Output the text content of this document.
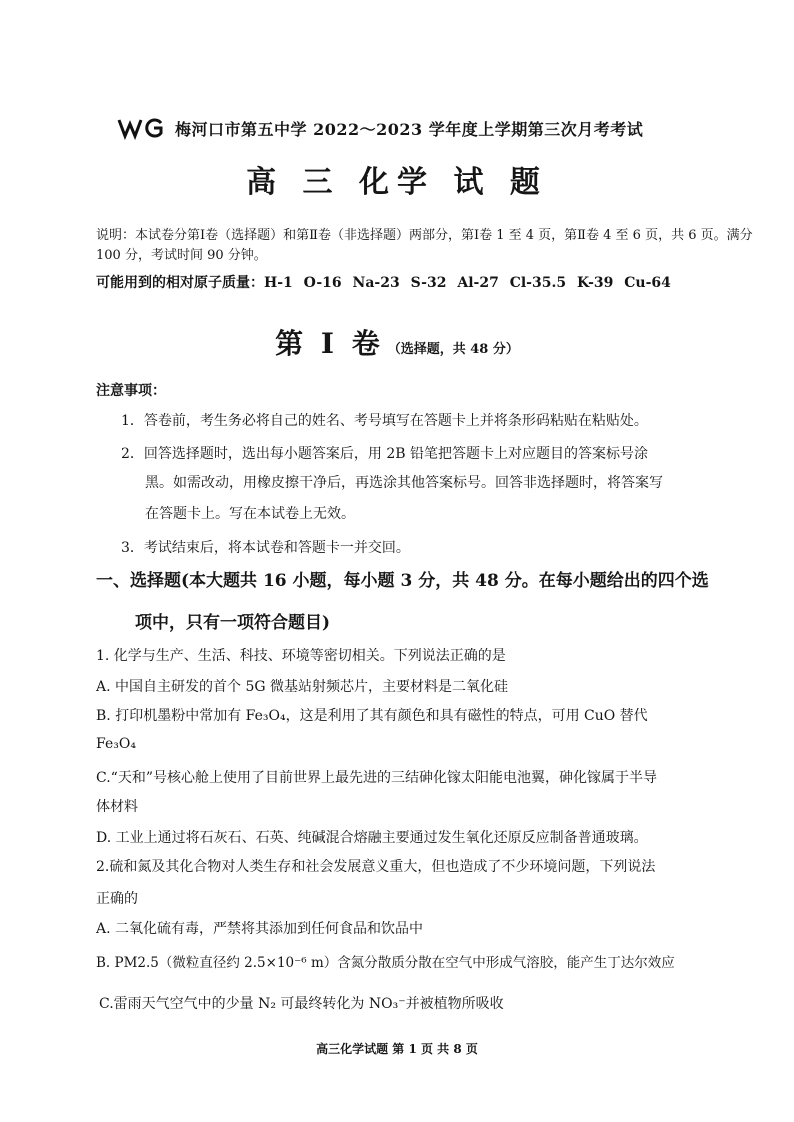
梅河口市第五中学 2022～2023 学年度上学期第三次月考考试
高 三 化学 试 题
说明：本试卷分第Ⅰ卷（选择题）和第Ⅱ卷（非选择题）两部分，第Ⅰ卷 1 至 4 页，第Ⅱ卷 4 至 6 页，共 6 页。满分 100 分，考试时间 90 分钟。
可能用到的相对原子质量：H-1 O-16 Na-23 S-32 Al-27 Cl-35.5 K-39 Cu-64
第 Ⅰ 卷 （选择题，共 48 分）
注意事项：
1．答卷前，考生务必将自己的姓名、考号填写在答题卡上并将条形码粘贴在粘贴处。
2．回答选择题时，选出每小题答案后，用 2B 铅笔把答题卡上对应题目的答案标号涂
黑。如需改动，用橡皮擦干净后，再选涂其他答案标号。回答非选择题时，将答案写
在答题卡上。写在本试卷上无效。
3．考试结束后，将本试卷和答题卡一并交回。
一、选择题(本大题共 16 小题，每小题 3 分，共 48 分。在每小题给出的四个选
项中，只有一项符合题目)
1. 化学与生产、生活、科技、环境等密切相关。下列说法正确的是
A. 中国自主研发的首个 5G 微基站射频芯片，主要材料是二氧化硅
B. 打印机墨粉中常加有 Fe₃O₄，这是利用了其有颜色和具有磁性的特点，可用 CuO 替代
Fe₃O₄
C.“天和”号核心舱上使用了目前世界上最先进的三结砷化镓太阳能电池翼，砷化镓属于半导
体材料
D. 工业上通过将石灰石、石英、纯碱混合熔融主要通过发生氧化还原反应制备普通玻璃。
2.硫和氮及其化合物对人类生存和社会发展意义重大，但也造成了不少环境问题，下列说法
正确的
A. 二氧化硫有毒，严禁将其添加到任何食品和饮品中
B. PM2.5（微粒直径约 2.5×10⁻⁶ m）含氮分散质分散在空气中形成气溶胶，能产生丁达尔效应
C.雷雨天气空气中的少量 N₂ 可最终转化为 NO₃⁻并被植物所吸收
高三化学试题 第 1 页 共 8 页
